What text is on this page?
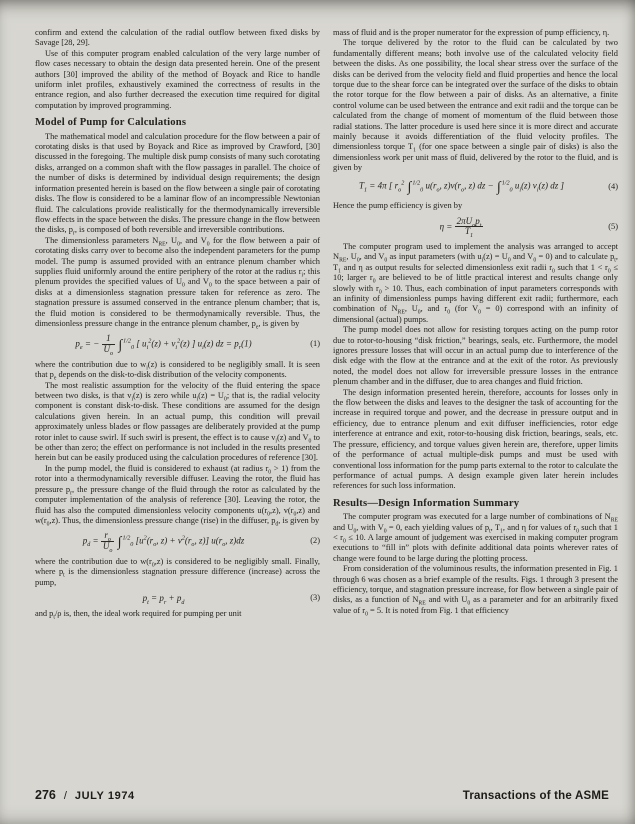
confirm and extend the calculation of the radial outflow between fixed disks by Savage [28, 29].

Use of this computer program enabled calculation of the very large number of flow cases necessary to obtain the design data presented herein. One of the present authors [30] improved the ability of the method of Boyack and Rice to handle uniform inlet profiles, exhaustively examined the correctness of results in the entrance region, and also further decreased the execution time required for digital computation by improved programming.

Model of Pump for Calculations

The mathematical model and calculation procedure for the flow between a pair of corotating disks is that used by Boyack and Rice as improved by Crawford, [30] discussed in the foregoing. The multiple disk pump consists of many such corotating disks, arranged on a common shaft with the flow passages in parallel. The choice of the number of disks is determined by individual design requirements; the design information presented herein is based on the flow between a single pair of corotating disks. The flow is considered to be a laminar flow of an incompressible Newtonian fluid. The calculations provide realistically for the thermodynamically irreversible flow effects in the space between the disks. The pressure change in the flow between the disks, $p_r$, is composed of both reversible and irreversible contributions.

The dimensionless parameters $N_{RE}$, $U_0$, and $V_0$ for the flow between a pair of corotating disks carry over to become also the independent parameters for the pump model. The pump is assumed provided with an entrance plenum chamber which supplies fluid uniformly around the entire periphery of the rotor at the radius $r_i$; this plenum provides the specified values of $U_0$ and $V_0$ to the space between a pair of disks at a dimensionless stagnation pressure taken for reference as zero. The stagnation pressure is assumed conserved in the entrance plenum chamber; that is, the fluid motion is considered to be thermodynamically reversible. Thus, the dimensionless pressure change in the entrance plenum chamber, $p_e$, is given by

$p_e$ = − $\frac{1}{U_o} \int^{1/2}_0$ [ $u_i^2(z) + v_i^2(z)$ ] $u_i(z)$ dz = $p_r(1)$	(1)

where the contribution due to $w_i(z)$ is considered to be negligibly small. It is seen that $p_e$ depends on the disk-to-disk distribution of the velocity components.

The most realistic assumption for the velocity of the fluid entering the space between two disks, is that $v_i(z)$ is zero while $u_i(z) = U_0$; that is, the radial velocity component is constant disk-to-disk. These conditions are assumed for the design calculations given herein. In an actual pump, this condition will prevail approximately unless blades or flow passages are deliberately provided at the pump rotor inlet to cause swirl. If such swirl is present, the effect is to cause $v_i(z)$ and $V_0$ to be other than zero; the effect on performance is not included in the results presented herein but can be easily produced using the calculation procedures of reference [30].

In the pump model, the fluid is considered to exhaust (at radius $r_0 > 1$) from the rotor into a thermodynamically reversible diffuser. Leaving the rotor, the fluid has pressure $p_r$, the pressure change of the fluid through the rotor as calculated by the computer implementation of the analysis of reference [30]. Leaving the rotor, the fluid has also the computed dimensionless velocity components $u(r_0,z)$, $v(r_0,z)$ and $w(r_0,z)$. Thus, the dimensionless pressure change (rise) in the diffuser, $p_d$, is given by

$p_d = \frac{r_o}{U_o} \int^{1/2}_0$ [$u^2(r_o$, $z) + v^2(r_o$, z)] $u(r_o$, z)dz	(2)

where the contribution due to $w(r_0,z)$ is considered to be negligibly small. Finally, where $p_t$ is the dimensionless stagnation pressure difference (increase) across the pump,

$p_t = p_r + p_d$
(3)

and $p_t/\rho$ is, then, the ideal work required for pumping per unit

mass of fluid and is the proper numerator for the expression of pump efficiency, η.

The torque delivered by the rotor to the fluid can be calculated by two fundamentally different means; both involve use of the calculated velocity field between the disks. As one possibility, the local shear stress over the surface of the disks can be derived from the velocity field and fluid properties and hence the local torque due to the shear force can be integrated over the surface of the disks to obtain the rotor torque for the flow between a pair of disks. As an alternative, a finite control volume can be used between the entrance and exit radii and the torque can be calculated from the change of moment of momentum of the fluid between those radial stations. The latter procedure is used here since it is more direct and accurate mainly because it avoids differentiation of the fluid velocity profiles. The dimensionless torque $T_1$ (for one space between a single pair of disks) is also the dimensionless work per unit mass of fluid, delivered by the rotor to the fluid, and is given by

$T_1 = 4\pi$ [ $r_o^2$ ∫$^{1/2}_0$ $u(r_o$, $z)v(r_o$, z) dz − ∫$^{1/2}_0$ $u_i(z)$ $v_i(z)$ dz ]	(4)

Hence the pump efficiency is given by

$\eta = \frac{2\pi U_op_t}{T_1}$	(5)

The computer program used to implement the analysis was arranged to accept $N_{RE}$, $U_0$, and $V_0$ as input parameters (with $u_i(z) = U_0$ and $V_0 = 0$) and to calculate $p_t$, $T_1$ and η as output results for selected dimensionless exit radii $r_0$ such that $1 < r_0 \le 10$; larger $r_0$ are believed to be of little practical interest and results change only slowly with $r_0 > 10$. Thus, each combination of input parameters corresponds with an infinity of dimensionless pumps having different exit radii; furthermore, each combination of $N_{RE}$, $U_0$, and $r_0$ (for $V_0 = 0$) correspond with an infinity of dimensional (actual) pumps.

The pump model does not allow for resisting torques acting on the pump rotor due to rotor-to-housing “disk friction,” bearings, seals, etc. Furthermore, the model ignores pressure losses that will occur in an actual pump due to interference of the disk edge with the flow at the entrance and at the exit of the rotor. As previously noted, the model does not allow for irreversible pressure losses in the entrance plenum chamber and in the diffuser, due to area changes and fluid friction.

The design information presented herein, therefore, accounts for losses only in the flow between the disks and leaves to the designer the task of accounting for the increase in required torque and power, and the decrease in pressure output and in efficiency, due to entrance plenum and exit diffuser inefficiencies, rotor edge interference at entrance and exit, rotor-to-housing disk friction, bearings, seals, etc. The pressure, efficiency, and torque values given herein are, therefore, upper limits of the performance of actual multiple-disk pumps and must be used with conventional loss information for the pump parts external to the rotor to calculate the performance of actual pumps. A design example given later herein includes references for such loss information.

Results—Design Information Summary

The computer program was executed for a large number of combinations of $N_{RE}$ and $U_0$, with $V_0 = 0$, each yielding values of $p_t$, $T_1$, and η for values of $r_0$ such that $1 < r_0 \le 10$. A large amount of judgement was exercised in making computer program executions to “fill in” plots with definite additional data points wherever rates of change were found to be large during the plotting process.

From consideration of the voluminous results, the information presented in Fig. 1 through 6 was chosen as a brief example of the results. Figs. 1 through 3 present the efficiency, torque, and stagnation pressure increase, for flow between a single pair of disks, as a function of $N_{RE}$ and with $U_0$ as a parameter and for an arbitrarily fixed value of $r_0 = 5$. It is noted from Fig. 1 that efficiency

276 / JULY 1974	Transactions of the ASME
